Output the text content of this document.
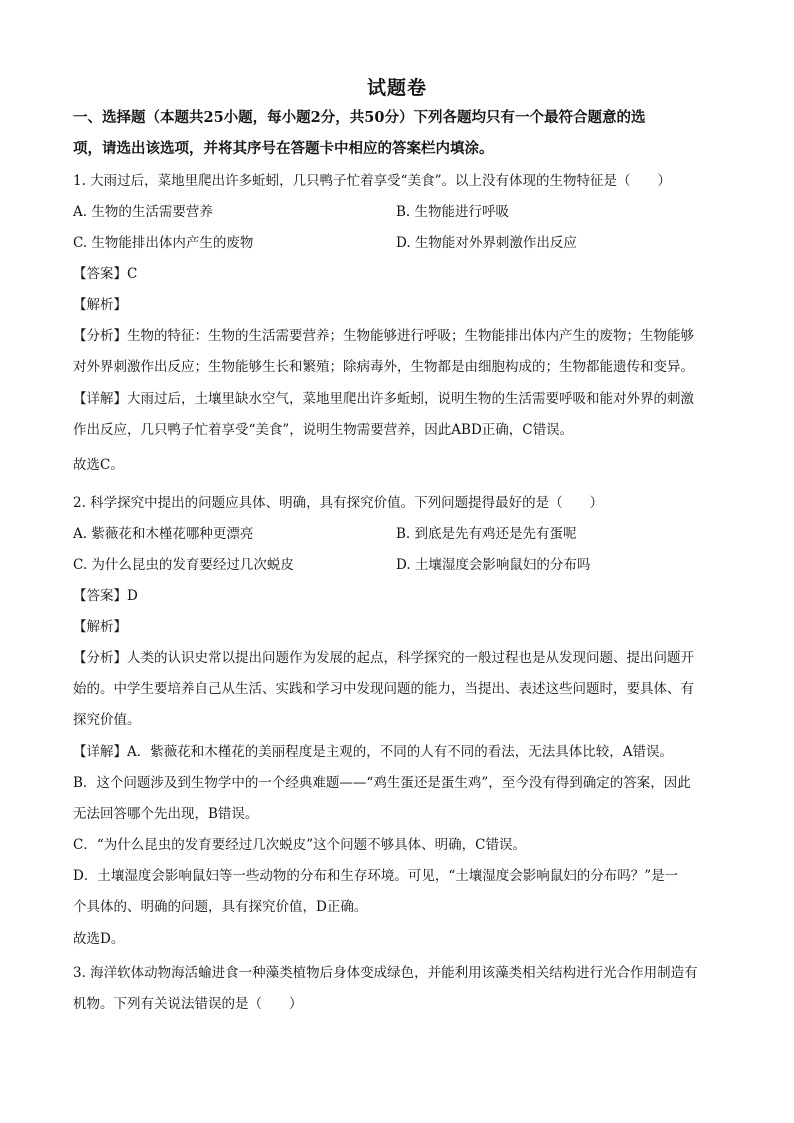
试题卷
一、选择题（本题共25小题，每小题2分，共50分）下列各题均只有一个最符合题意的选
项，请选出该选项，并将其序号在答题卡中相应的答案栏内填涂。
1. 大雨过后，菜地里爬出许多蚯蚓，几只鸭子忙着享受“美食”。以上没有体现的生物特征是（　　）
A. 生物的生活需要营养	B. 生物能进行呼吸
C. 生物能排出体内产生的废物	D. 生物能对外界刺激作出反应
【答案】C
【解析】
【分析】生物的特征：生物的生活需要营养；生物能够进行呼吸；生物能排出体内产生的废物；生物能够
对外界刺激作出反应；生物能够生长和繁殖；除病毒外，生物都是由细胞构成的；生物都能遗传和变异。
【详解】大雨过后，土壤里缺水空气，菜地里爬出许多蚯蚓，说明生物的生活需要呼吸和能对外界的刺激
作出反应，几只鸭子忙着享受“美食”，说明生物需要营养，因此ABD正确，C错误。
故选C。
2. 科学探究中提出的问题应具体、明确，具有探究价值。下列问题提得最好的是（　　）
A. 紫薇花和木槿花哪种更漂亮	B. 到底是先有鸡还是先有蛋呢
C. 为什么昆虫的发育要经过几次蜕皮	D. 土壤湿度会影响鼠妇的分布吗
【答案】D
【解析】
【分析】人类的认识史常以提出问题作为发展的起点，科学探究的一般过程也是从发现问题、提出问题开
始的。中学生要培养自己从生活、实践和学习中发现问题的能力，当提出、表述这些问题时，要具体、有
探究价值。
【详解】A．紫薇花和木槿花的美丽程度是主观的，不同的人有不同的看法，无法具体比较，A错误。
B．这个问题涉及到生物学中的一个经典难题——“鸡生蛋还是蛋生鸡”，至今没有得到确定的答案，因此
无法回答哪个先出现，B错误。
C．“为什么昆虫的发育要经过几次蜕皮”这个问题不够具体、明确，C错误。
D．土壤湿度会影响鼠妇等一些动物的分布和生存环境。可见，“土壤湿度会影响鼠妇的分布吗？”是一
个具体的、明确的问题，具有探究价值，D正确。
故选D。
3. 海洋软体动物海活蝓进食一种藻类植物后身体变成绿色，并能利用该藻类相关结构进行光合作用制造有
机物。下列有关说法错误的是（　　）
